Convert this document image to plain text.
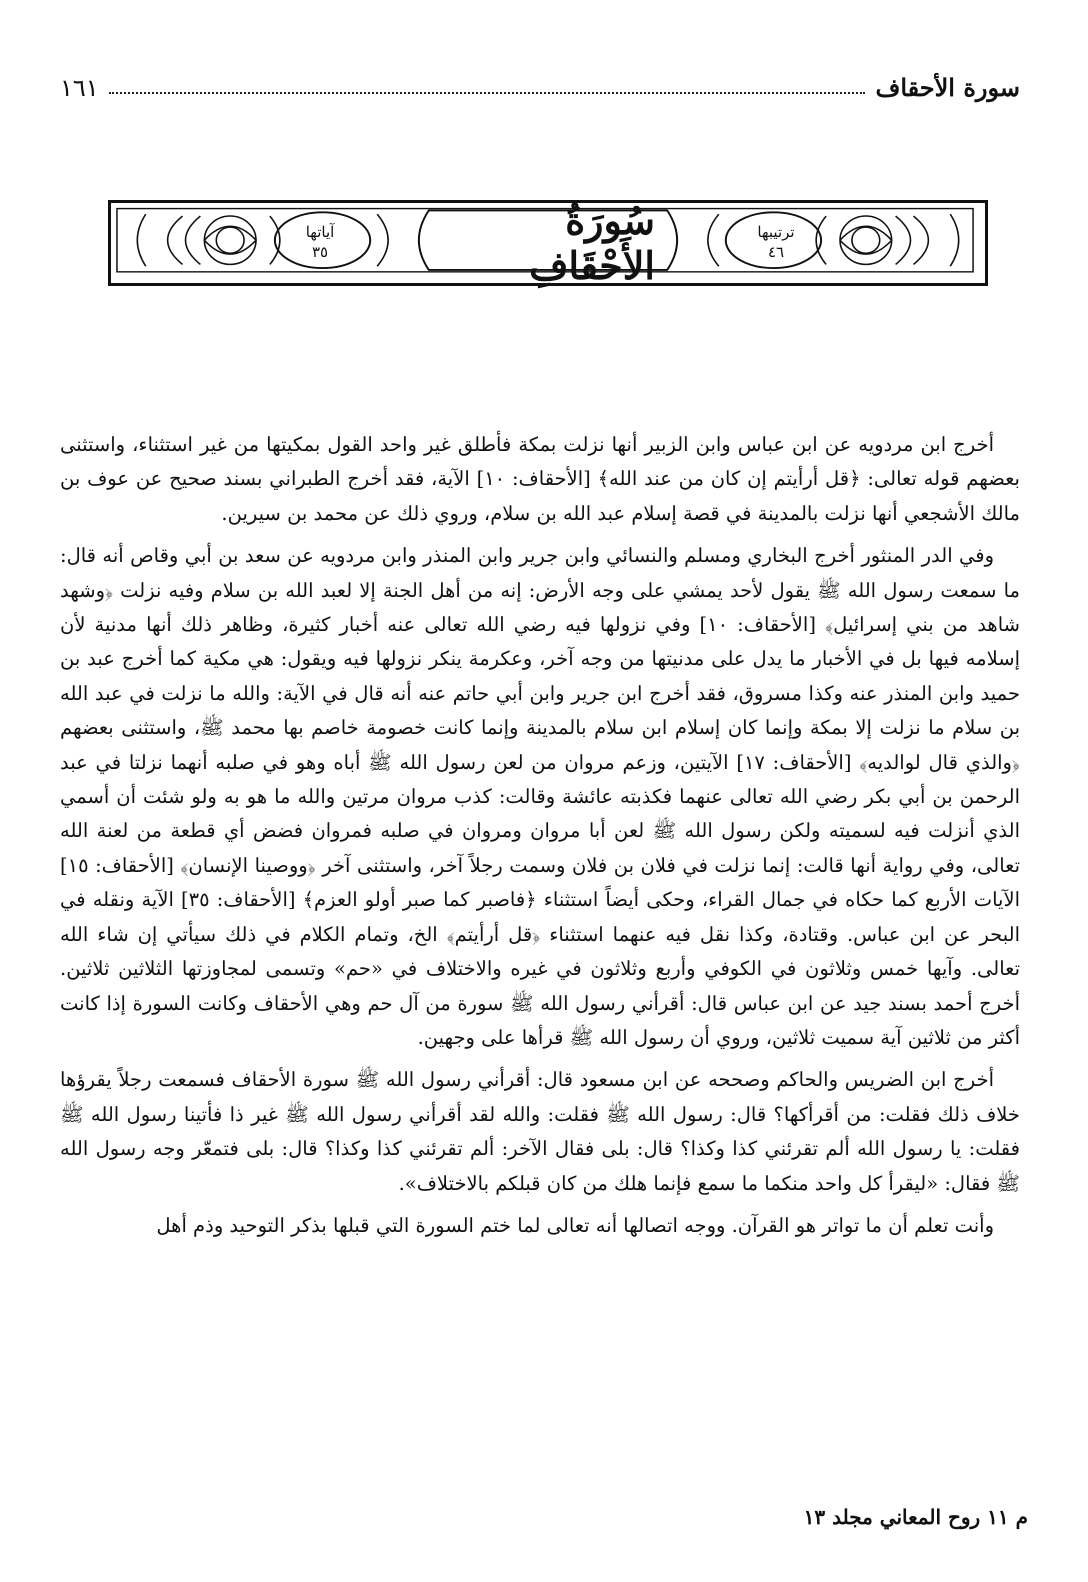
سورة الأحقاف
١٦١
سُورَةُ الأَحْقَافِ
ترتيبها
٤٦
آياتها
٣٥

أخرج ابن مردويه عن ابن عباس وابن الزبير أنها نزلت بمكة فأطلق غير واحد القول بمكيتها من غير استثناء، واستثنى بعضهم قوله تعالى: ﴿قل أرأيتم إن كان من عند الله﴾ [الأحقاف: ١٠] الآية، فقد أخرج الطبراني بسند صحيح عن عوف بن مالك الأشجعي أنها نزلت بالمدينة في قصة إسلام عبد الله بن سلام، وروي ذلك عن محمد بن سيرين.

وفي الدر المنثور أخرج البخاري ومسلم والنسائي وابن جرير وابن المنذر وابن مردويه عن سعد بن أبي وقاص أنه قال: ما سمعت رسول الله ﷺ يقول لأحد يمشي على وجه الأرض: إنه من أهل الجنة إلا لعبد الله بن سلام وفيه نزلت ﴿وشهد شاهد من بني إسرائيل﴾ [الأحقاف: ١٠] وفي نزولها فيه رضي الله تعالى عنه أخبار كثيرة، وظاهر ذلك أنها مدنية لأن إسلامه فيها بل في الأخبار ما يدل على مدنيتها من وجه آخر، وعكرمة ينكر نزولها فيه ويقول: هي مكية كما أخرج عبد بن حميد وابن المنذر عنه وكذا مسروق، فقد أخرج ابن جرير وابن أبي حاتم عنه أنه قال في الآية: والله ما نزلت في عبد الله بن سلام ما نزلت إلا بمكة وإنما كان إسلام ابن سلام بالمدينة وإنما كانت خصومة خاصم بها محمد ﷺ، واستثنى بعضهم ﴿والذي قال لوالديه﴾ [الأحقاف: ١٧] الآيتين، وزعم مروان من لعن رسول الله ﷺ أباه وهو في صلبه أنهما نزلتا في عبد الرحمن بن أبي بكر رضي الله تعالى عنهما فكذبته عائشة وقالت: كذب مروان مرتين والله ما هو به ولو شئت أن أسمي الذي أنزلت فيه لسميته ولكن رسول الله ﷺ لعن أبا مروان ومروان في صلبه فمروان فضض أي قطعة من لعنة الله تعالى، وفي رواية أنها قالت: إنما نزلت في فلان بن فلان وسمت رجلاً آخر، واستثنى آخر ﴿ووصينا الإنسان﴾ [الأحقاف: ١٥] الآيات الأربع كما حكاه في جمال القراء، وحكى أيضاً استثناء ﴿فاصبر كما صبر أولو العزم﴾ [الأحقاف: ٣٥] الآية ونقله في البحر عن ابن عباس. وقتادة، وكذا نقل فيه عنهما استثناء ﴿قل أرأيتم﴾ الخ، وتمام الكلام في ذلك سيأتي إن شاء الله تعالى. وآيها خمس وثلاثون في الكوفي وأربع وثلاثون في غيره والاختلاف في «حم» وتسمى لمجاوزتها الثلاثين ثلاثين. أخرج أحمد بسند جيد عن ابن عباس قال: أقرأني رسول الله ﷺ سورة من آل حم وهي الأحقاف وكانت السورة إذا كانت أكثر من ثلاثين آية سميت ثلاثين، وروي أن رسول الله ﷺ قرأها على وجهين.

أخرج ابن الضريس والحاكم وصححه عن ابن مسعود قال: أقرأني رسول الله ﷺ سورة الأحقاف فسمعت رجلاً يقرؤها خلاف ذلك فقلت: من أقرأكها؟ قال: رسول الله ﷺ فقلت: والله لقد أقرأني رسول الله ﷺ غير ذا فأتينا رسول الله ﷺ فقلت: يا رسول الله ألم تقرئني كذا وكذا؟ قال: بلى فقال الآخر: ألم تقرئني كذا وكذا؟ قال: بلى فتمعّر وجه رسول الله ﷺ فقال: «ليقرأ كل واحد منكما ما سمع فإنما هلك من كان قبلكم بالاختلاف».

وأنت تعلم أن ما تواتر هو القرآن. ووجه اتصالها أنه تعالى لما ختم السورة التي قبلها بذكر التوحيد وذم أهل

م ١١ روح المعاني مجلد ١٣
